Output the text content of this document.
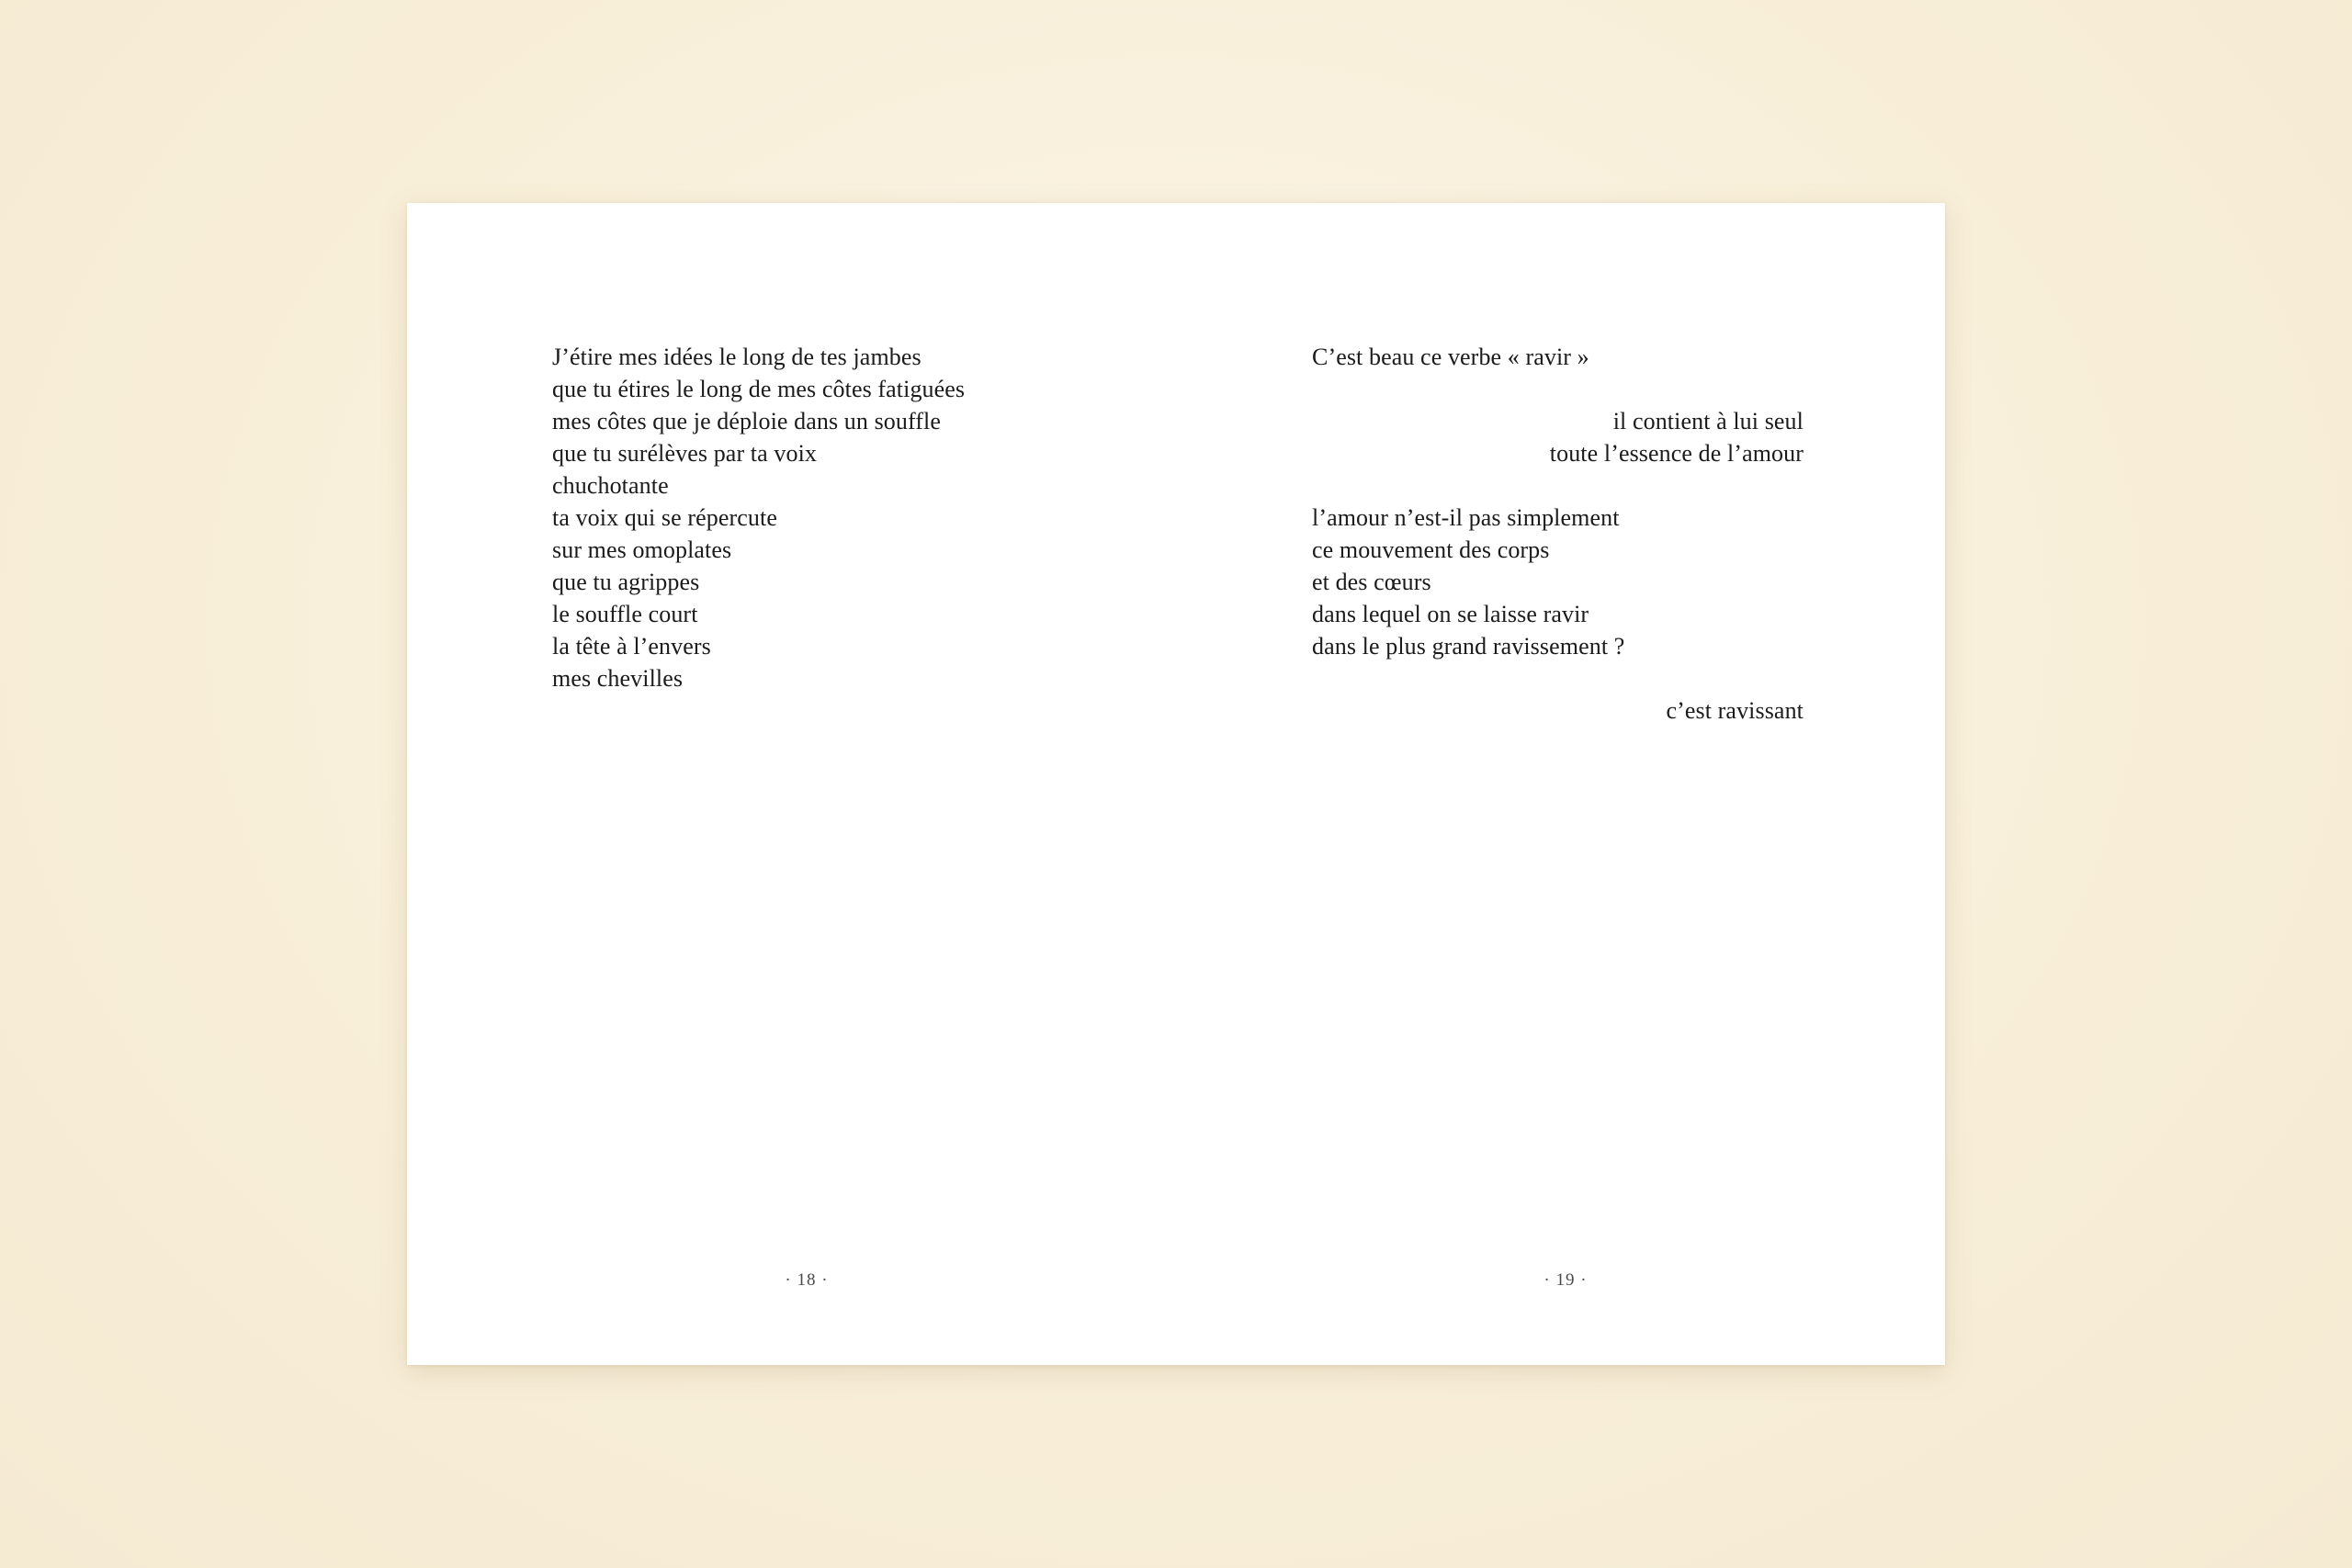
J’étire mes idées le long de tes jambes
que tu étires le long de mes côtes fatiguées
mes côtes que je déploie dans un souffle
que tu surélèves par ta voix
chuchotante
ta voix qui se répercute
sur mes omoplates
que tu agrippes
le souffle court
la tête à l’envers
mes chevilles
· 18 ·
C’est beau ce verbe « ravir »
il contient à lui seul
toute l’essence de l’amour
l’amour n’est-il pas simplement
ce mouvement des corps
et des cœurs
dans lequel on se laisse ravir
dans le plus grand ravissement ?
c’est ravissant
· 19 ·
